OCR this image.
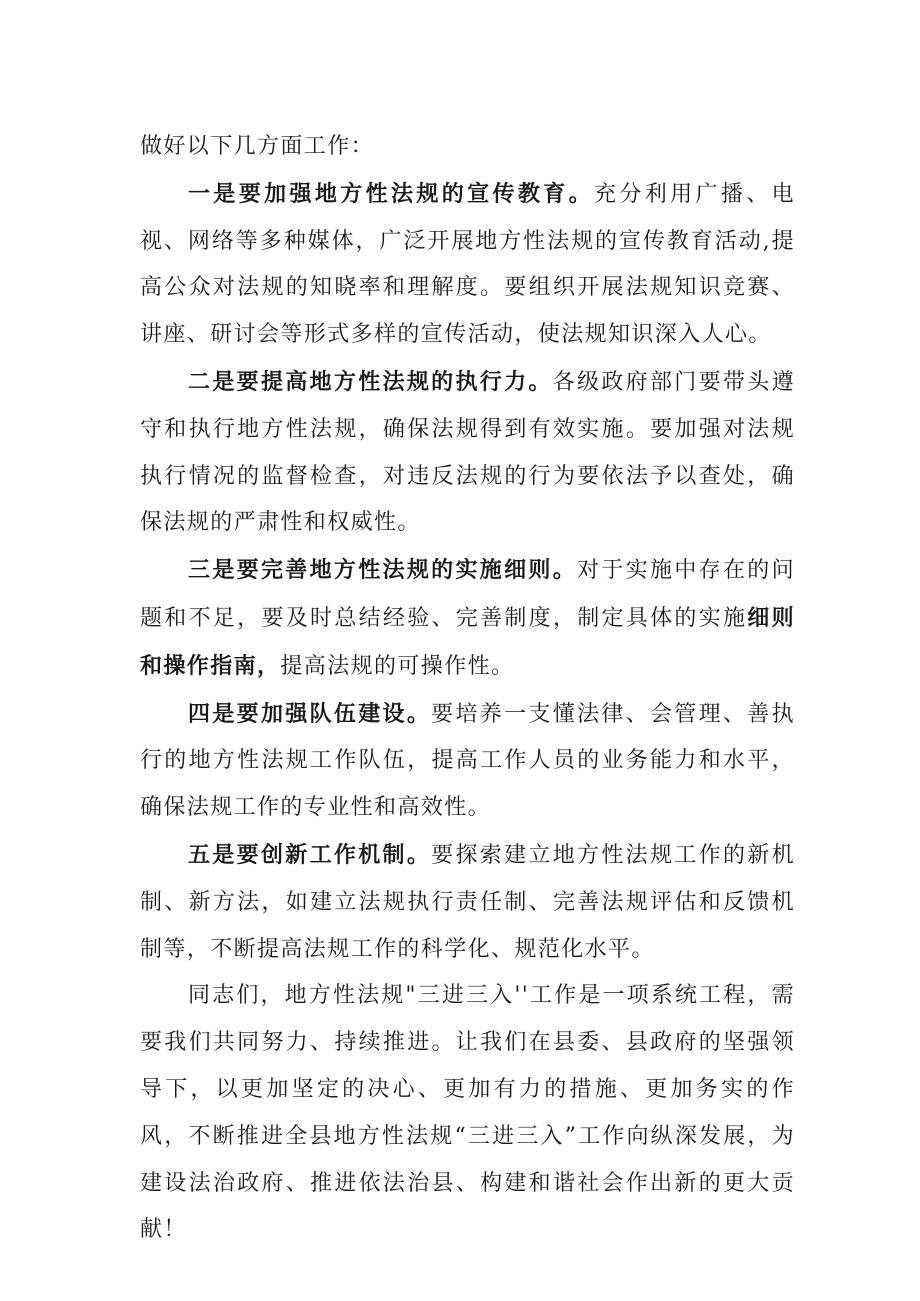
做好以下几方面工作：

一是要加强地方性法规的宣传教育。充分利用广播、电视、网络等多种媒体，广泛开展地方性法规的宣传教育活动,提高公众对法规的知晓率和理解度。要组织开展法规知识竞赛、讲座、研讨会等形式多样的宣传活动，使法规知识深入人心。

二是要提高地方性法规的执行力。各级政府部门要带头遵守和执行地方性法规，确保法规得到有效实施。要加强对法规执行情况的监督检查，对违反法规的行为要依法予以查处，确保法规的严肃性和权威性。

三是要完善地方性法规的实施细则。对于实施中存在的问题和不足，要及时总结经验、完善制度，制定具体的实施细则和操作指南，提高法规的可操作性。

四是要加强队伍建设。要培养一支懂法律、会管理、善执行的地方性法规工作队伍，提高工作人员的业务能力和水平，确保法规工作的专业性和高效性。

五是要创新工作机制。要探索建立地方性法规工作的新机制、新方法，如建立法规执行责任制、完善法规评估和反馈机制等，不断提高法规工作的科学化、规范化水平。

同志们，地方性法规"三进三入''工作是一项系统工程，需要我们共同努力、持续推进。让我们在县委、县政府的坚强领导下，以更加坚定的决心、更加有力的措施、更加务实的作风，不断推进全县地方性法规“三进三入”工作向纵深发展，为建设法治政府、推进依法治县、构建和谐社会作出新的更大贡献！
